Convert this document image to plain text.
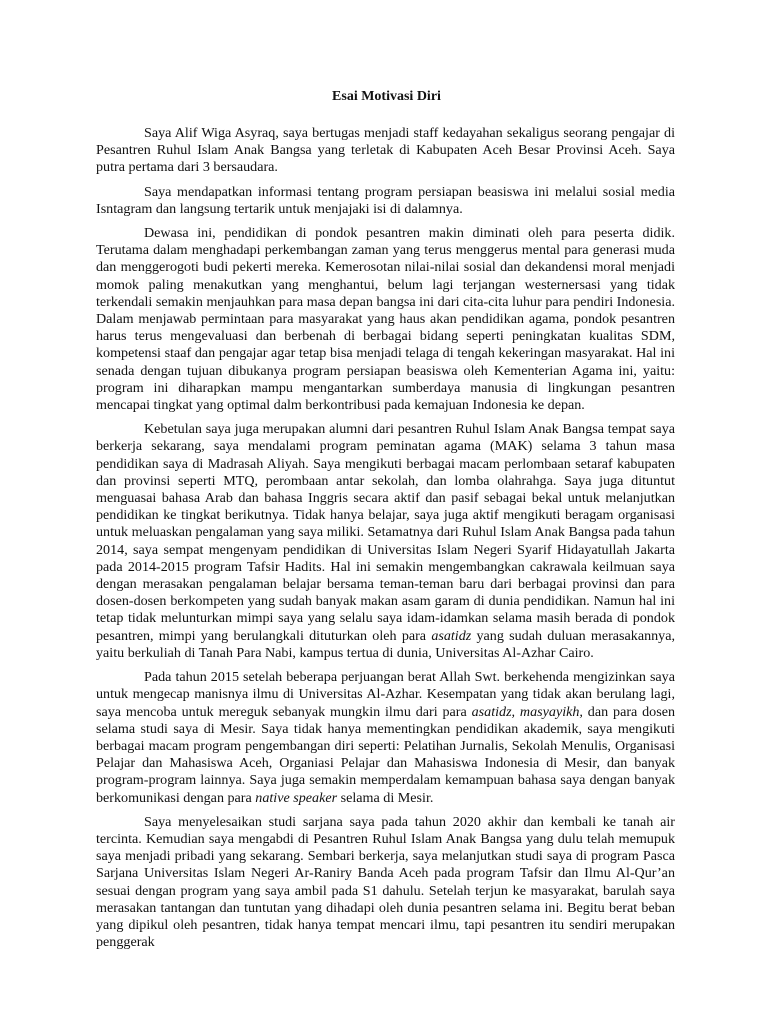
Esai Motivasi Diri

Saya Alif Wiga Asyraq, saya bertugas menjadi staff kedayahan sekaligus seorang pengajar di Pesantren Ruhul Islam Anak Bangsa yang terletak di Kabupaten Aceh Besar Provinsi Aceh. Saya putra pertama dari 3 bersaudara.

Saya mendapatkan informasi tentang program persiapan beasiswa ini melalui sosial media Isntagram dan langsung tertarik untuk menjajaki isi di dalamnya.

Dewasa ini, pendidikan di pondok pesantren makin diminati oleh para peserta didik. Terutama dalam menghadapi perkembangan zaman yang terus menggerus mental para generasi muda dan menggerogoti budi pekerti mereka. Kemerosotan nilai-nilai sosial dan dekandensi moral menjadi momok paling menakutkan yang menghantui, belum lagi terjangan westernersasi yang tidak terkendali semakin menjauhkan para masa depan bangsa ini dari cita-cita luhur para pendiri Indonesia. Dalam menjawab permintaan para masyarakat yang haus akan pendidikan agama, pondok pesantren harus terus mengevaluasi dan berbenah di berbagai bidang seperti peningkatan kualitas SDM, kompetensi staaf dan pengajar agar tetap bisa menjadi telaga di tengah kekeringan masyarakat. Hal ini senada dengan tujuan dibukanya program persiapan beasiswa oleh Kementerian Agama ini, yaitu: program ini diharapkan mampu mengantarkan sumberdaya manusia di lingkungan pesantren mencapai tingkat yang optimal dalm berkontribusi pada kemajuan Indonesia ke depan.

Kebetulan saya juga merupakan alumni dari pesantren Ruhul Islam Anak Bangsa tempat saya berkerja sekarang, saya mendalami program peminatan agama (MAK) selama 3 tahun masa pendidikan saya di Madrasah Aliyah. Saya mengikuti berbagai macam perlombaan setaraf kabupaten dan provinsi seperti MTQ, perombaan antar sekolah, dan lomba olahrahga. Saya juga dituntut menguasai bahasa Arab dan bahasa Inggris secara aktif dan pasif sebagai bekal untuk melanjutkan pendidikan ke tingkat berikutnya. Tidak hanya belajar, saya juga aktif mengikuti beragam organisasi untuk meluaskan pengalaman yang saya miliki. Setamatnya dari Ruhul Islam Anak Bangsa pada tahun 2014, saya sempat mengenyam pendidikan di Universitas Islam Negeri Syarif Hidayatullah Jakarta pada 2014-2015 program Tafsir Hadits. Hal ini semakin mengembangkan cakrawala keilmuan saya dengan merasakan pengalaman belajar bersama teman-teman baru dari berbagai provinsi dan para dosen-dosen berkompeten yang sudah banyak makan asam garam di dunia pendidikan. Namun hal ini tetap tidak melunturkan mimpi saya yang selalu saya idam-idamkan selama masih berada di pondok pesantren, mimpi yang berulangkali dituturkan oleh para asatidz yang sudah duluan merasakannya, yaitu berkuliah di Tanah Para Nabi, kampus tertua di dunia, Universitas Al-Azhar Cairo.

Pada tahun 2015 setelah beberapa perjuangan berat Allah Swt. berkehenda mengizinkan saya untuk mengecap manisnya ilmu di Universitas Al-Azhar. Kesempatan yang tidak akan berulang lagi, saya mencoba untuk mereguk sebanyak mungkin ilmu dari para asatidz, masyayikh, dan para dosen selama studi saya di Mesir. Saya tidak hanya mementingkan pendidikan akademik, saya mengikuti berbagai macam program pengembangan diri seperti: Pelatihan Jurnalis, Sekolah Menulis, Organisasi Pelajar dan Mahasiswa Aceh, Organiasi Pelajar dan Mahasiswa Indonesia di Mesir, dan banyak program-program lainnya. Saya juga semakin memperdalam kemampuan bahasa saya dengan banyak berkomunikasi dengan para native speaker selama di Mesir.

Saya menyelesaikan studi sarjana saya pada tahun 2020 akhir dan kembali ke tanah air tercinta. Kemudian saya mengabdi di Pesantren Ruhul Islam Anak Bangsa yang dulu telah memupuk saya menjadi pribadi yang sekarang. Sembari berkerja, saya melanjutkan studi saya di program Pasca Sarjana Universitas Islam Negeri Ar-Raniry Banda Aceh pada program Tafsir dan Ilmu Al-Qur’an sesuai dengan program yang saya ambil pada S1 dahulu. Setelah terjun ke masyarakat, barulah saya merasakan tantangan dan tuntutan yang dihadapi oleh dunia pesantren selama ini. Begitu berat beban yang dipikul oleh pesantren, tidak hanya tempat mencari ilmu, tapi pesantren itu sendiri merupakan penggerak
